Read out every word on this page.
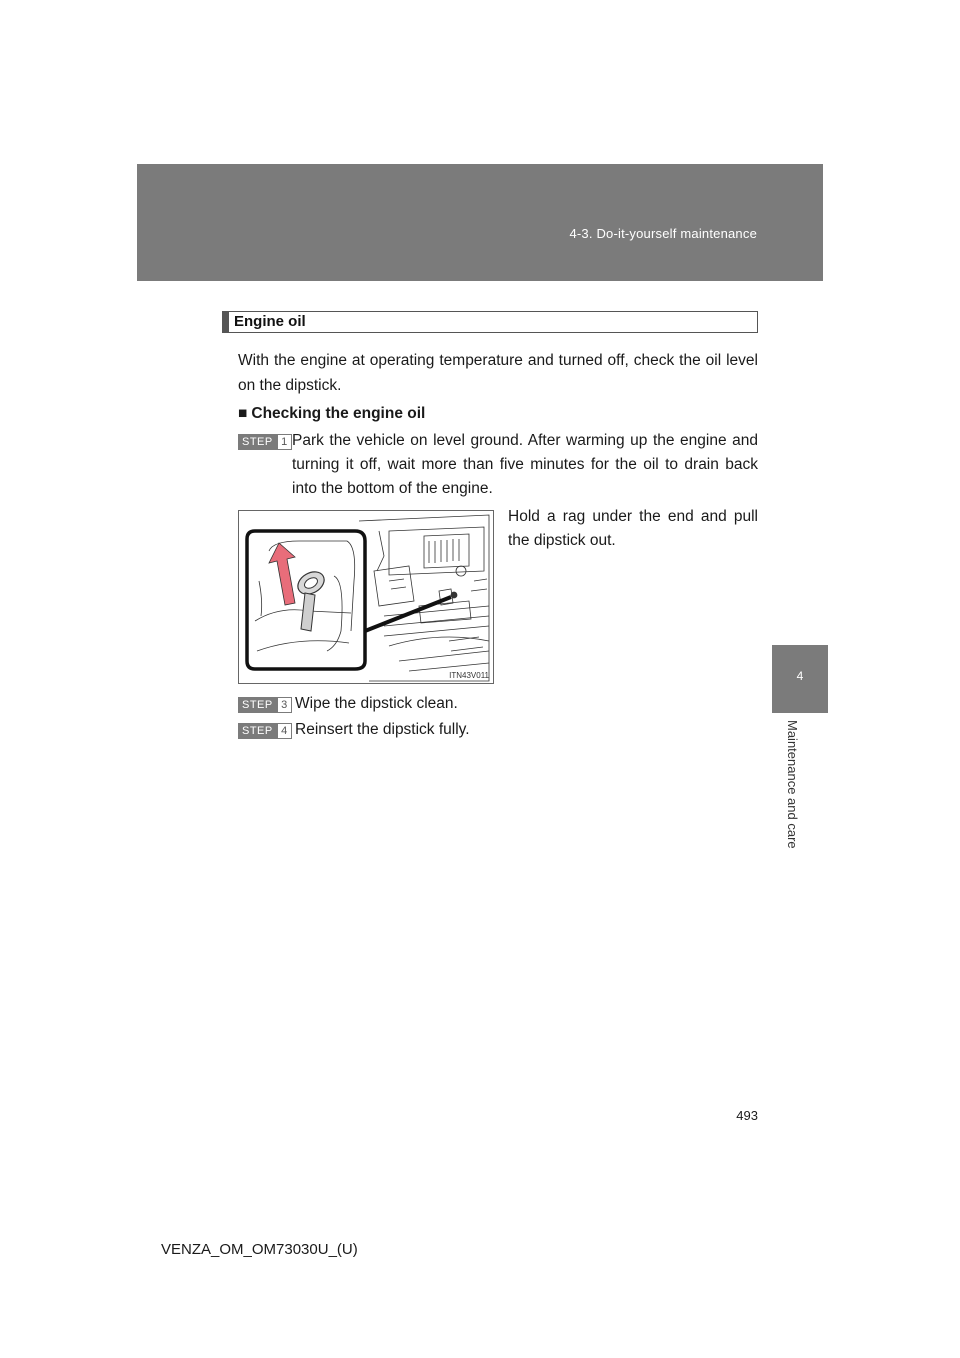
4-3. Do-it-yourself maintenance
4
Maintenance and care
Engine oil
With the engine at operating temperature and turned off, check the oil level on the dipstick.
■ Checking the engine oil
STEP 1 Park the vehicle on level ground. After warming up the engine and turning it off, wait more than five minutes for the oil to drain back into the bottom of the engine.
ITN43V011
Hold a rag under the end and pull the dipstick out.
STEP 3 Wipe the dipstick clean.
STEP 4 Reinsert the dipstick fully.
493
VENZA_OM_OM73030U_(U)
